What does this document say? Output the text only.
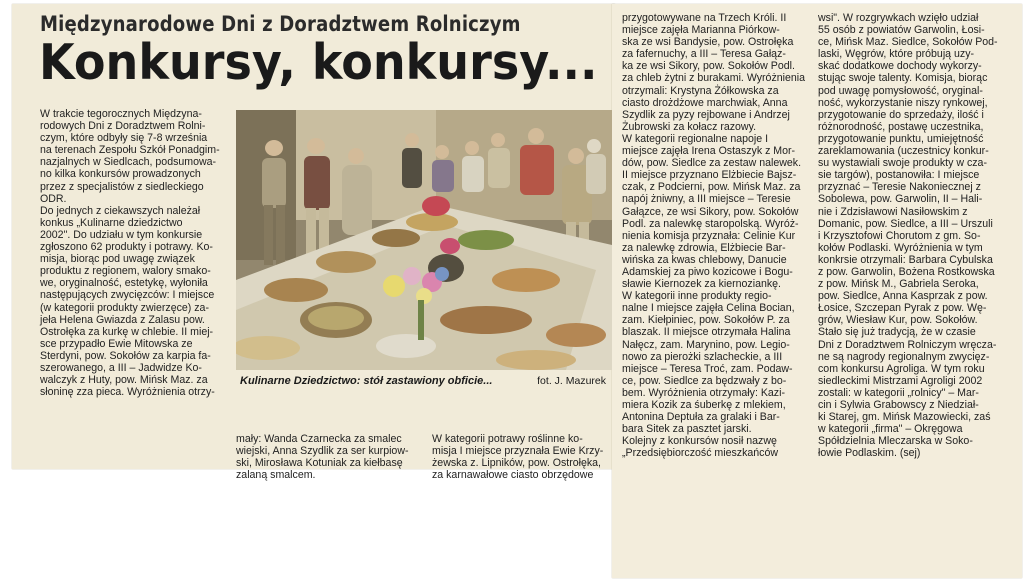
Międzynarodowe Dni z Doradztwem Rolniczym
Konkursy, konkursy...
W trakcie tegorocznych Międzyna-
rodowych Dni z Doradztwem Rolni-
czym, które odbyły się 7-8 września
na terenach Zespołu Szkół Ponadgim-
nazjalnych w Siedlcach, podsumowa-
no kilka konkursów prowadzonych
przez z specjalistów z siedleckiego
ODR.
Do jednych z ciekawszych należał
konkus „Kulinarne dziedzictwo
2002". Do udziału w tym konkursie
zgłoszono 62 produkty i potrawy. Ko-
misja, biorąc pod uwagę związek
produktu z regionem, walory smako-
we, oryginalność, estetykę, wyłoniła
następujących zwycięzców: I miejsce
(w kategorii produkty zwierzęce) za-
jeła Helena Gwiazda z Zalasu pow.
Ostrołęka za kurkę w chlebie. II miej-
sce przypadło Ewie Mitowska ze
Sterdyni, pow. Sokołów za karpia fa-
szerowanego, a III – Jadwidze Ko-
walczyk z Huty, pow. Mińsk Maz. za
słoninę zza pieca. Wyróżnienia otrzy-
Kulinarne Dziedzictwo: stół zastawiony obficie...	fot. J. Mazurek
mały: Wanda Czarnecka za smalec
wiejski, Anna Szydlik za ser kurpiow-
ski, Mirosława Kotuniak za kiełbasę
zalaną smalcem.
W kategorii potrawy roślinne ko-
misja I miejsce przyznała Ewie Krzy-
żewska z. Lipników, pow. Ostrołęka,
za karnawałowe ciasto obrzędowe
przygotowywane na Trzech Króli. II
miejsce zajęła Marianna Piórkow-
ska ze wsi Bandysie, pow. Ostrołęka
za fafernuchy, a III – Teresa Gałąz-
ka ze wsi Sikory, pow. Sokołów Podl.
za chleb żytni z burakami. Wyróżnienia
otrzymali: Krystyna Żółkowska za
ciasto drożdżowe marchwiak, Anna
Szydlik za pyzy rejbowane i Andrzej
Żubrowski za kołacz razowy.
W kategorii regionalne napoje I
miejsce zajęła Irena Ostaszyk z Mor-
dów, pow. Siedlce za zestaw nalewek.
II miejsce przyznano Elżbiecie Bajsz-
czak, z Podcierni, pow. Mińsk Maz. za
napój żniwny, a III miejsce – Teresie
Gałązce, ze wsi Sikory, pow. Sokołów
Podl. za nalewkę staropolską. Wyróż-
nienia komisja przyznała: Celinie Kur
za nalewkę zdrowia, Elżbiecie Bar-
wińska za kwas chlebowy, Danucie
Adamskiej za piwo kozicowe i Bogu-
sławie Kiernozek za kiernoziankę.
W kategorii inne produkty regio-
nalne I miejsce zajęła Celina Bocian,
zam. Kiełpiniec, pow. Sokołów P. za
blaszak. II miejsce otrzymała Halina
Nałęcz, zam. Marynino, pow. Legio-
nowo za pierożki szlacheckie, a III
miejsce – Teresa Troć, zam. Podaw-
ce, pow. Siedlce za będzwały z bo-
bem. Wyróżnienia otrzymały: Kazi-
miera Kozik za śuberkę z mlekiem,
Antonina Deptuła za gralaki i Bar-
bara Sitek za pasztet jarski.
Kolejny z konkursów nosił nazwę
„Przedsiębiorczość mieszkańców
wsi". W rozgrywkach wzięło udział
55 osób z powiatów Garwolin, Łosi-
ce, Mińsk Maz. Siedlce, Sokołów Pod-
laski, Węgrów, które próbują uzy-
skać dodatkowe dochody wykorzy-
stując swoje talenty. Komisja, biorąc
pod uwagę pomysłowość, oryginal-
ność, wykorzystanie niszy rynkowej,
przygotowanie do sprzedaży, ilość i
różnorodność, postawę uczestnika,
przygotowanie punktu, umiejętność
zareklamowania (uczestnicy konkur-
su wystawiali swoje produkty w cza-
sie targów), postanowiła: I miejsce
przyznać – Teresie Nakoniecznej z
Sobolewa, pow. Garwolin, II – Hali-
nie i Zdzisławowi Nasiłowskim z
Domanic, pow. Siedlce, a III – Urszuli
i Krzysztofowi Chorutom z gm. So-
kołów Podlaski. Wyróżnienia w tym
konkrsie otrzymali: Barbara Cybulska
z pow. Garwolin, Bożena Rostkowska
z pow. Mińsk M., Gabriela Seroka,
pow. Siedlce, Anna Kasprzak z pow.
Łosice, Szczepan Pyrak z pow. Wę-
grów, Wiesław Kur, pow. Sokołów.
Stało się już tradycją, że w czasie
Dni z Doradztwem Rolniczym wręcza-
ne są nagrody regionalnym zwycięz-
com konkursu Agroliga. W tym roku
siedleckimi Mistrzami Agroligi 2002
zostali: w kategorii „rolnicy" – Mar-
cin i Sylwia Grabowscy z Niedział-
ki Starej, gm. Mińsk Mazowiecki, zaś
w kategorii „firma" – Okręgowa
Spółdzielnia Mleczarska w Soko-
łowie Podlaskim. (sej)
